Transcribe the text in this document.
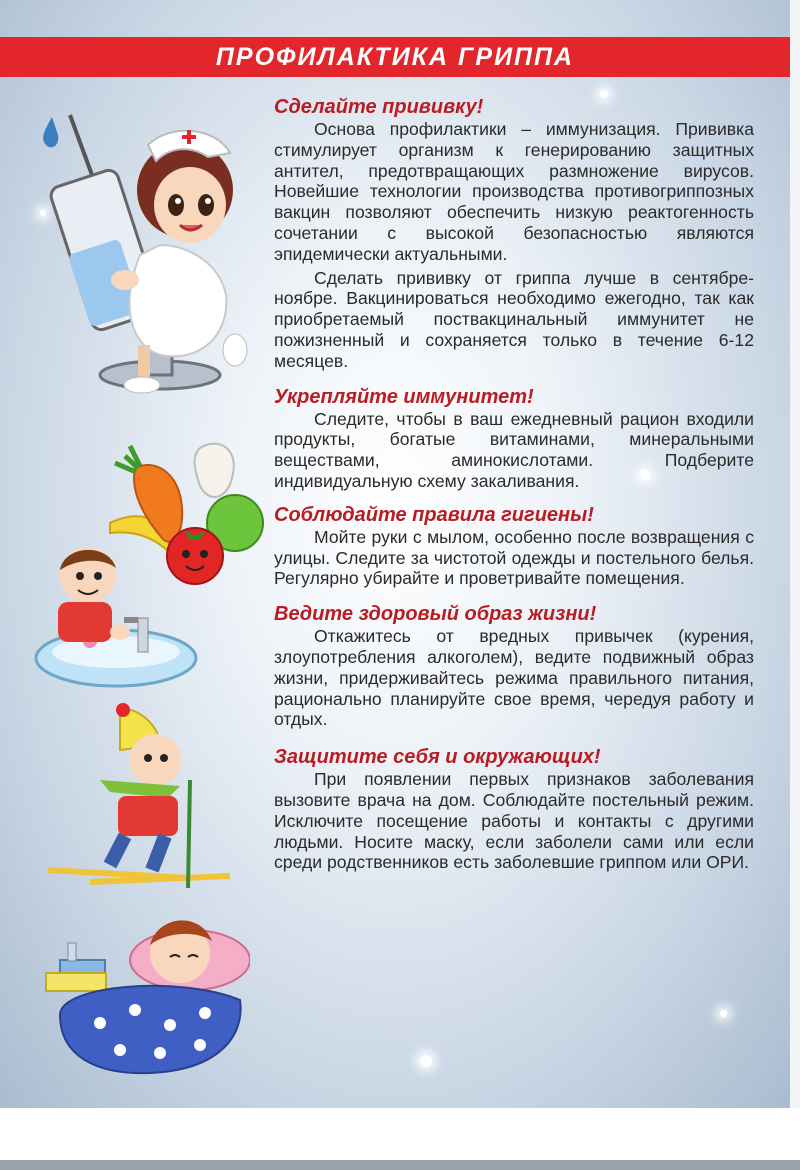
ПРОФИЛАКТИКА ГРИППА
Сделайте прививку!

Основа профилактики – иммунизация. Прививка стимулирует организм к генерированию защитных антител, предотвращающих размножение вирусов. Новейшие технологии производства противогриппозных вакцин позволяют обеспечить низкую реактогенность сочетании с высокой безопасностью являются эпидемически актуальными.

Сделать прививку от гриппа лучше в сентябре-ноябре. Вакцинироваться необходимо ежегодно, так как приобретаемый поствакцинальный иммунитет не пожизненный и сохраняется только в течение 6-12 месяцев.

Укрепляйте иммунитет!

Следите, чтобы в ваш ежедневный рацион входили продукты, богатые витаминами, минеральными веществами, аминокислотами. Подберите индивидуальную схему закаливания.

Соблюдайте правила гигиены!

Мойте руки с мылом, особенно после возвращения с улицы. Следите за чистотой одежды и постельного белья. Регулярно убирайте и проветривайте помещения.

Ведите здоровый образ жизни!

Откажитесь от вредных привычек (курения, злоупотребления алкоголем), ведите подвижный образ жизни, придерживайтесь режима правильного питания, рационально планируйте свое время, чередуя работу и отдых.

Защитите себя и окружающих!

При появлении первых признаков заболевания вызовите врача на дом. Соблюдайте постельный режим. Исключите посещение работы и контакты с другими людьми. Носите маску, если заболели сами или если среди родственников есть заболевшие гриппом или ОРИ.
